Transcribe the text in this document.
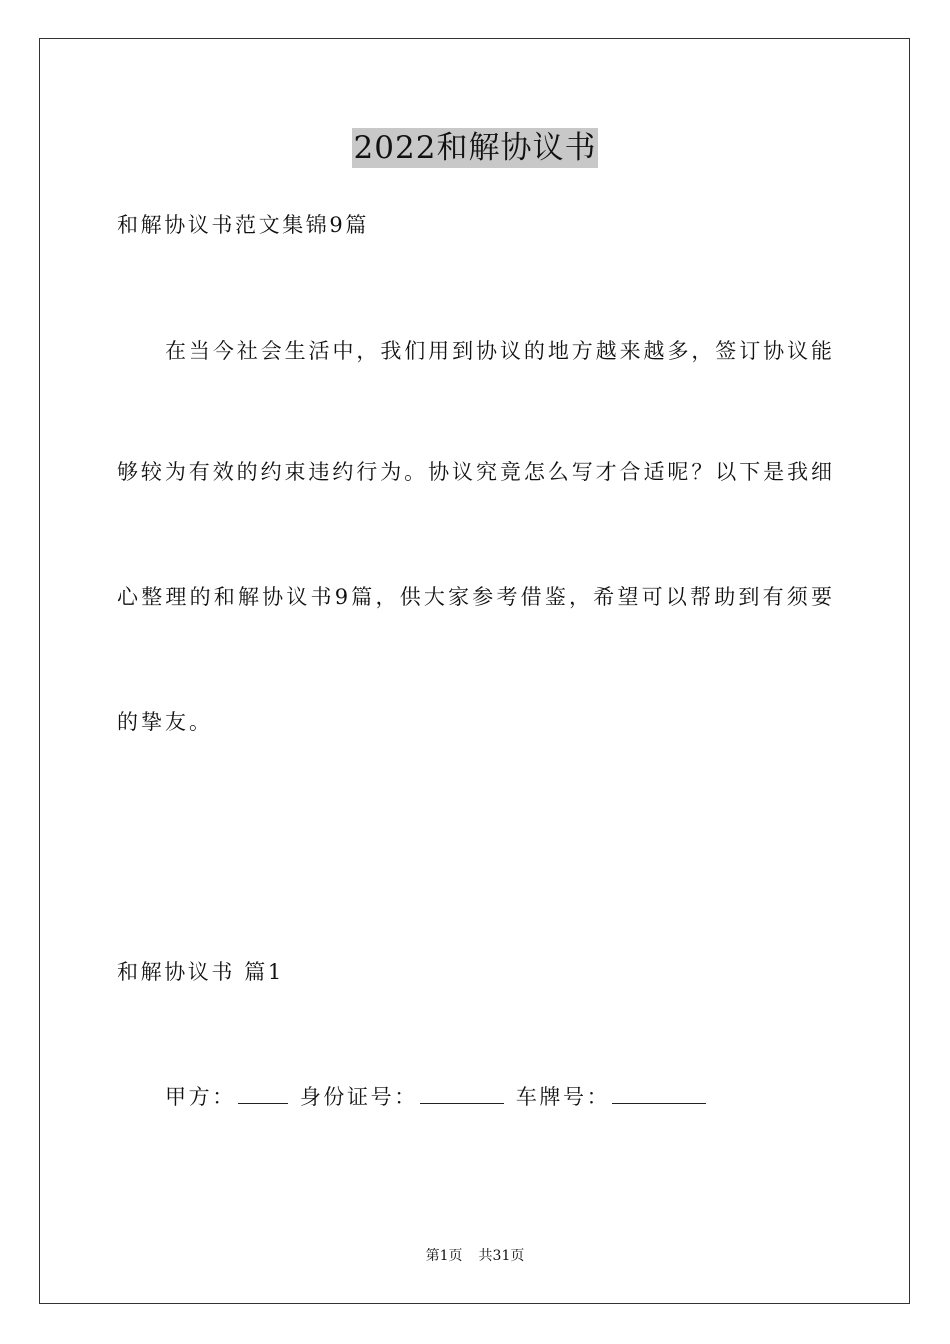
2022和解协议书
和解协议书范文集锦9篇
在当今社会生活中，我们用到协议的地方越来越多，签订协议能
够较为有效的约束违约行为。协议究竟怎么写才合适呢？以下是我细
心整理的和解协议书9篇，供大家参考借鉴，希望可以帮助到有须要
的挚友。
和解协议书 篇1
甲方：	身份证号：	车牌号：
第1页 共31页
